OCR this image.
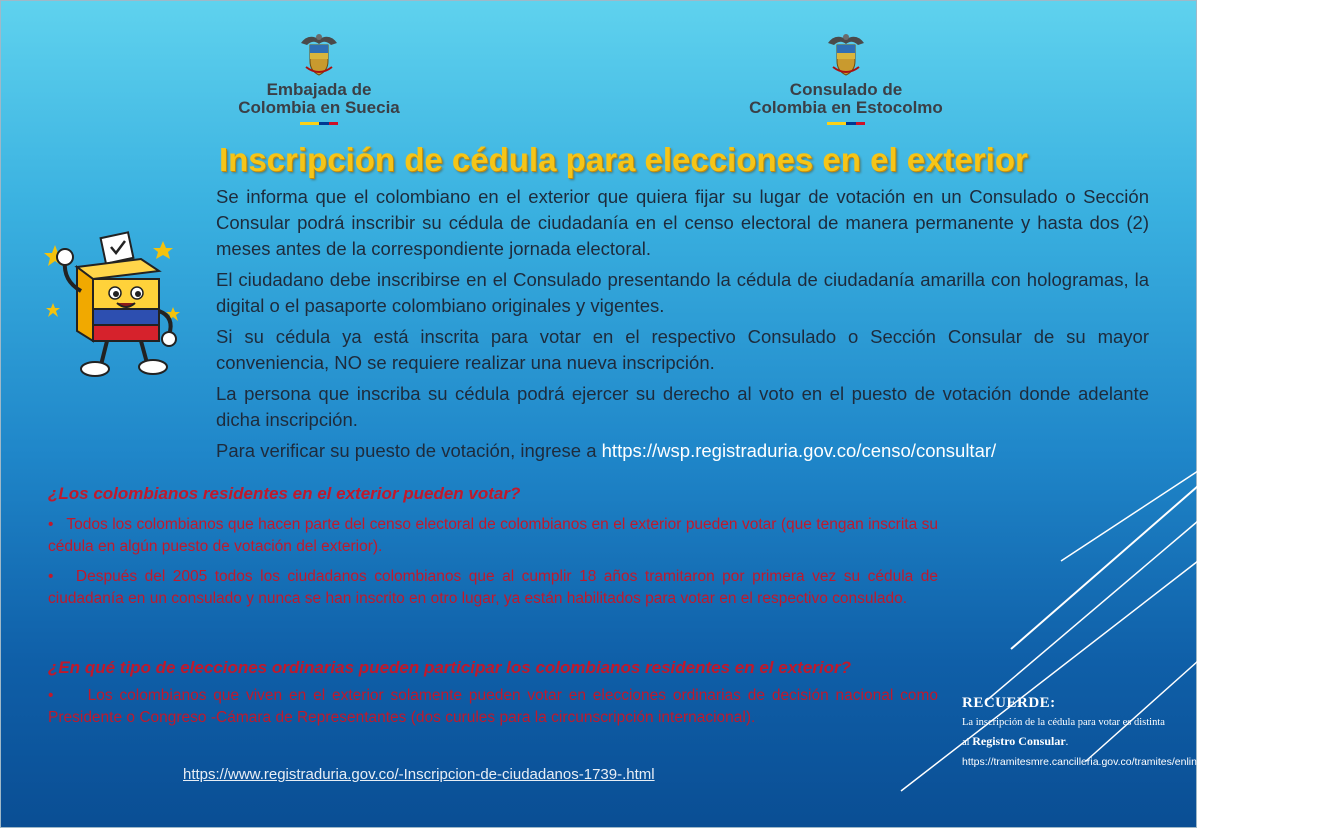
Embajada de
Colombia en Suecia
Consulado de
Colombia en Estocolmo
Inscripción de cédula para elecciones en el exterior

Se informa que el colombiano en el exterior que quiera fijar su lugar de votación en un Consulado o Sección Consular podrá inscribir su cédula de ciudadanía en el censo electoral de manera permanente y hasta dos (2) meses antes de la correspondiente jornada electoral.

El ciudadano debe inscribirse en el Consulado presentando la cédula de ciudadanía amarilla con hologramas, la digital o el pasaporte colombiano originales y vigentes.

Si su cédula ya está inscrita para votar en el respectivo Consulado o Sección Consular de su mayor conveniencia, NO se requiere realizar una nueva inscripción.

La persona que inscriba su cédula podrá ejercer su derecho al voto en el puesto de votación donde adelante dicha inscripción.

Para verificar su puesto de votación, ingrese a https://wsp.registraduria.gov.co/censo/consultar/

¿Los colombianos residentes en el exterior pueden votar?
•   Todos los colombianos que hacen parte del censo electoral de colombianos en el exterior pueden votar (que tengan inscrita su cédula en algún puesto de votación del exterior).
•   Después del 2005 todos los ciudadanos colombianos que al cumplir 18 años tramitaron por primera vez su cédula de ciudadanía en un consulado y nunca se han inscrito en otro lugar, ya están habilitados para votar en el respectivo consulado.
¿En qué tipo de elecciones ordinarias pueden participar los colombianos residentes en el exterior?
•     Los colombianos que viven en el exterior solamente pueden votar en elecciones ordinarias de decisión nacional como Presidente o Congreso -Cámara de Representantes (dos curules para la circunscripción internacional).
https://www.registraduria.gov.co/-Inscripcion-de-ciudadanos-1739-.html
RECUERDE:
La inscripción de la cédula para votar es distinta al Registro Consular.
https://tramitesmre.cancilleria.gov.co/tramites/enlinea/registrarCiudadano.xhtml
